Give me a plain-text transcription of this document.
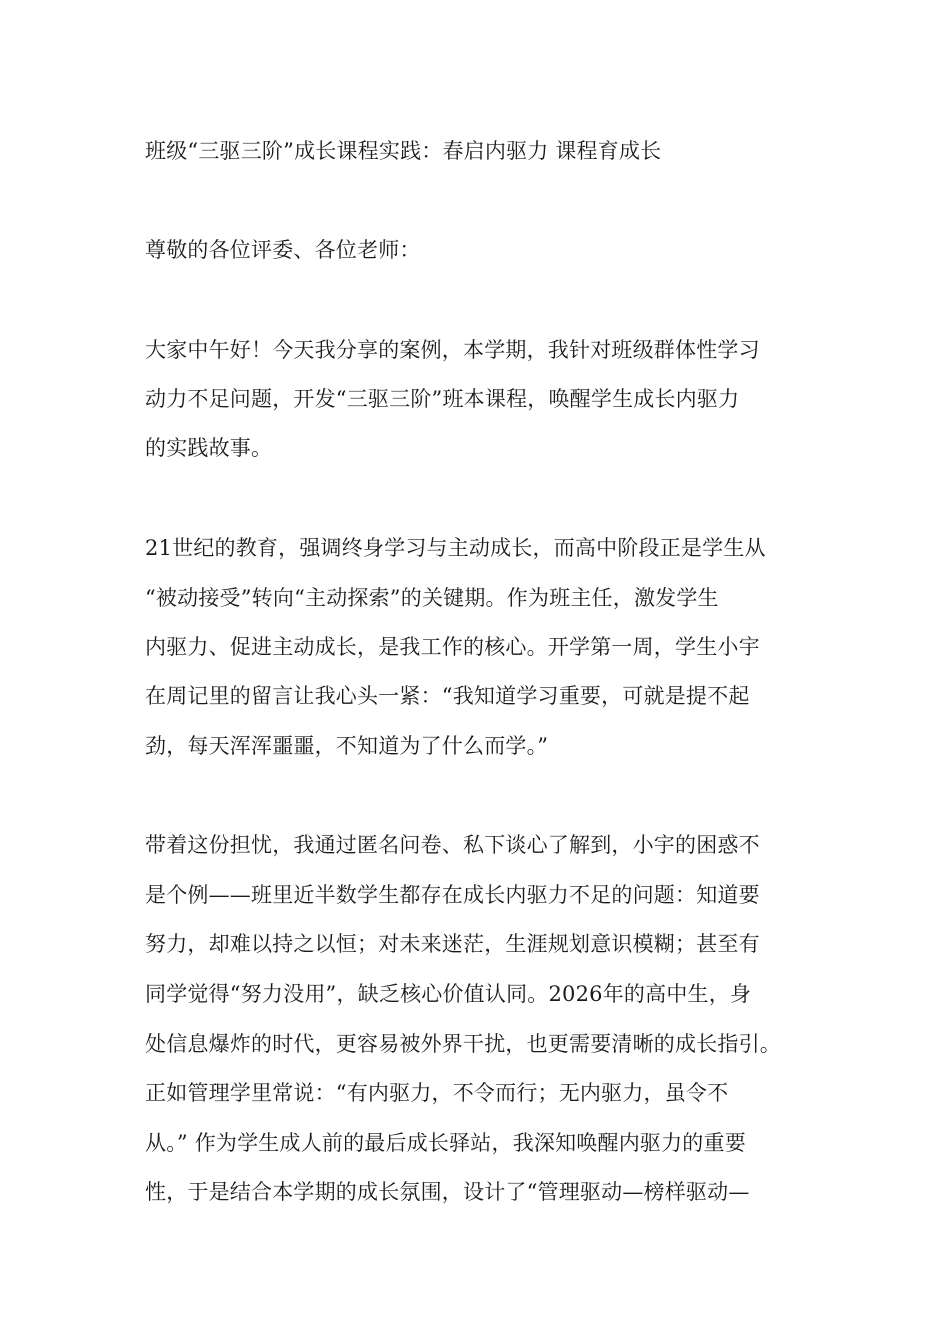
班级“三驱三阶”成长课程实践：春启内驱力 课程育成长
尊敬的各位评委、各位老师：
大家中午好！今天我分享的案例，本学期，我针对班级群体性学习
动力不足问题，开发“三驱三阶”班本课程，唤醒学生成长内驱力
的实践故事。
21世纪的教育，强调终身学习与主动成长，而高中阶段正是学生从
“被动接受”转向“主动探索”的关键期。作为班主任，激发学生
内驱力、促进主动成长，是我工作的核心。开学第一周，学生小宇
在周记里的留言让我心头一紧：“我知道学习重要，可就是提不起
劲，每天浑浑噩噩，不知道为了什么而学。”
带着这份担忧，我通过匿名问卷、私下谈心了解到，小宇的困惑不
是个例——班里近半数学生都存在成长内驱力不足的问题：知道要
努力，却难以持之以恒；对未来迷茫，生涯规划意识模糊；甚至有
同学觉得“努力没用”，缺乏核心价值认同。2026年的高中生，身
处信息爆炸的时代，更容易被外界干扰，也更需要清晰的成长指引。
正如管理学里常说：“有内驱力，不令而行；无内驱力，虽令不
从。” 作为学生成人前的最后成长驿站，我深知唤醒内驱力的重要
性，于是结合本学期的成长氛围，设计了“管理驱动—榜样驱动—
